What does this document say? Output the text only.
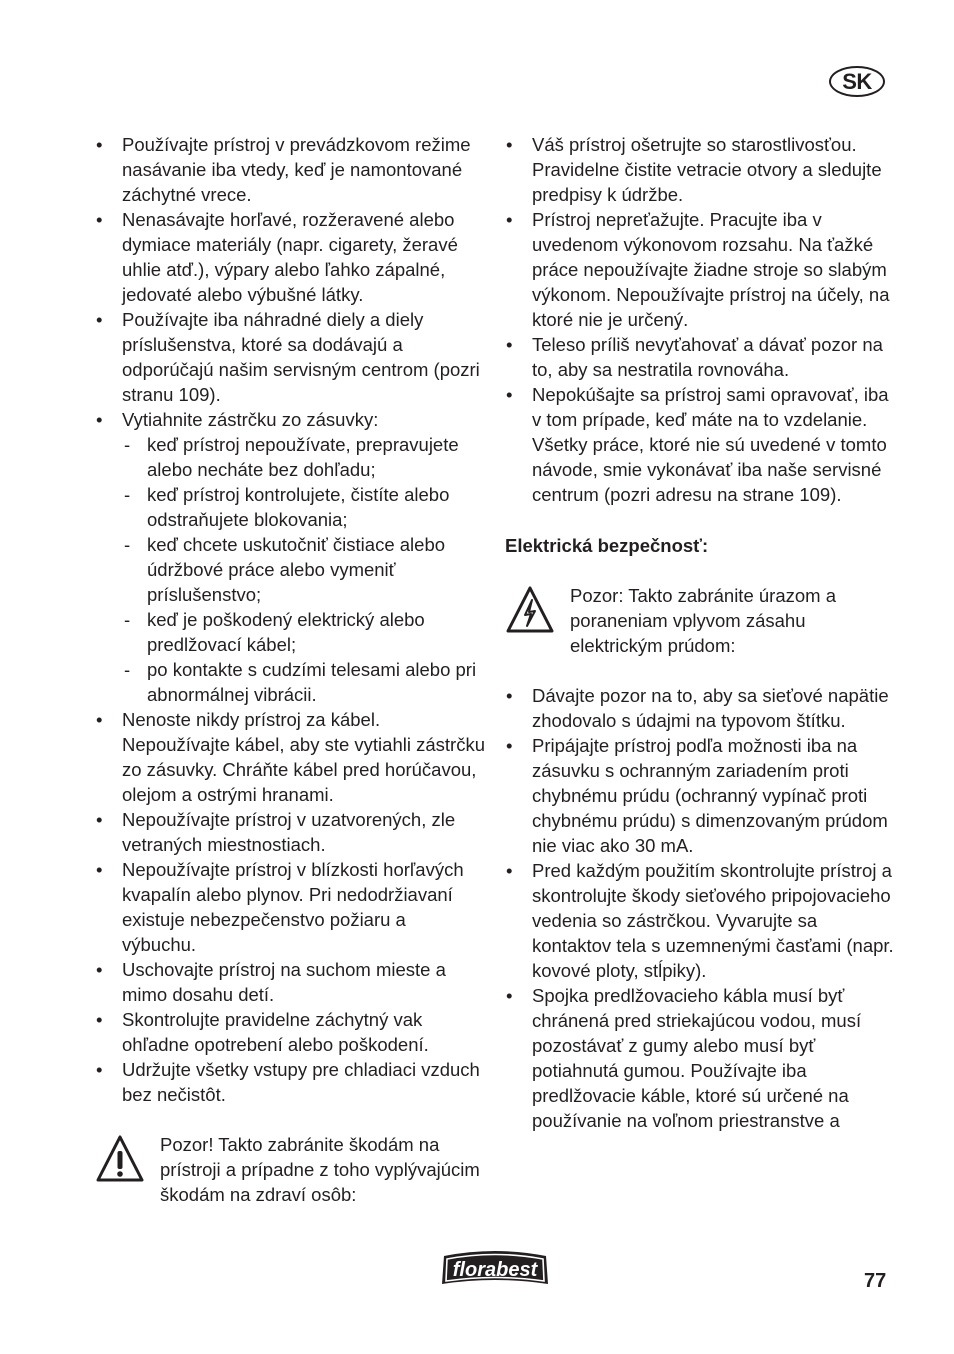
SK
• Používajte prístroj v prevádzkovom režime nasávanie iba vtedy, keď je namontované záchytné vrece.
• Nenasávajte horľavé, rozžeravené alebo dymiace materiály (napr. cigarety, žeravé uhlie atď.), výpary alebo ľahko zápalné, jedovaté alebo výbušné látky.
• Používajte iba náhradné diely a diely príslušenstva, ktoré sa dodávajú a odporúčajú našim servisným centrom (pozri stranu 109).
• Vytiahnite zástrčku zo zásuvky:
- keď prístroj nepoužívate, prepravujete alebo necháte bez dohľadu;
- keď prístroj kontrolujete, čistíte alebo odstraňujete blokovania;
- keď chcete uskutočniť čistiace alebo údržbové práce alebo vymeniť príslušenstvo;
- keď je poškodený elektrický alebo predlžovací kábel;
- po kontakte s cudzími telesami alebo pri abnormálnej vibrácii.
• Nenoste nikdy prístroj za kábel. Nepoužívajte kábel, aby ste vytiahli zástrčku zo zásuvky. Chráňte kábel pred horúčavou, olejom a ostrými hranami.
• Nepoužívajte prístroj v uzatvorených, zle vetraných miestnostiach.
• Nepoužívajte prístroj v blízkosti horľavých kvapalín alebo plynov. Pri nedodržiavaní existuje nebezpečenstvo požiaru a výbuchu.
• Uschovajte prístroj na suchom mieste a mimo dosahu detí.
• Skontrolujte pravidelne záchytný vak ohľadne opotrebení alebo poškodení.
• Udržujte všetky vstupy pre chladiaci vzduch bez nečistôt.
Pozor! Takto zabránite škodám na prístroji a prípadne z toho vyplývajúcim škodám na zdraví osôb:
• Váš prístroj ošetrujte so starostlivosťou. Pravidelne čistite vetracie otvory a sledujte predpisy k údržbe.
• Prístroj nepreťažujte. Pracujte iba v uvedenom výkonovom rozsahu. Na ťažké práce nepoužívajte žiadne stroje so slabým výkonom. Nepoužívajte prístroj na účely, na ktoré nie je určený.
• Teleso príliš nevyťahovať a dávať pozor na to, aby sa nestratila rovnováha.
• Nepokúšajte sa prístroj sami opravovať, iba v tom prípade, keď máte na to vzdelanie. Všetky práce, ktoré nie sú uvedené v tomto návode, smie vykonávať iba naše servisné centrum (pozri adresu na strane 109).
Elektrická bezpečnosť:
Pozor: Takto zabránite úrazom a poraneniam vplyvom zásahu elektrickým prúdom:
• Dávajte pozor na to, aby sa sieťové napätie zhodovalo s údajmi na typovom štítku.
• Pripájajte prístroj podľa možnosti iba na zásuvku s ochranným zariadením proti chybnému prúdu (ochranný vypínač proti chybnému prúdu) s dimenzovaným prúdom nie viac ako 30 mA.
• Pred každým použitím skontrolujte prístroj a skontrolujte škody sieťového pripojovacieho vedenia so zástrčkou. Vyvarujte sa kontaktov tela s uzemnenými časťami (napr. kovové ploty, stĺpiky).
• Spojka predlžovacieho kábla musí byť chránená pred striekajúcou vodou, musí pozostávať z gumy alebo musí byť potiahnutá gumou. Používajte iba predlžovacie káble, ktoré sú určené na používanie na voľnom priestranstve a
florabest	77
